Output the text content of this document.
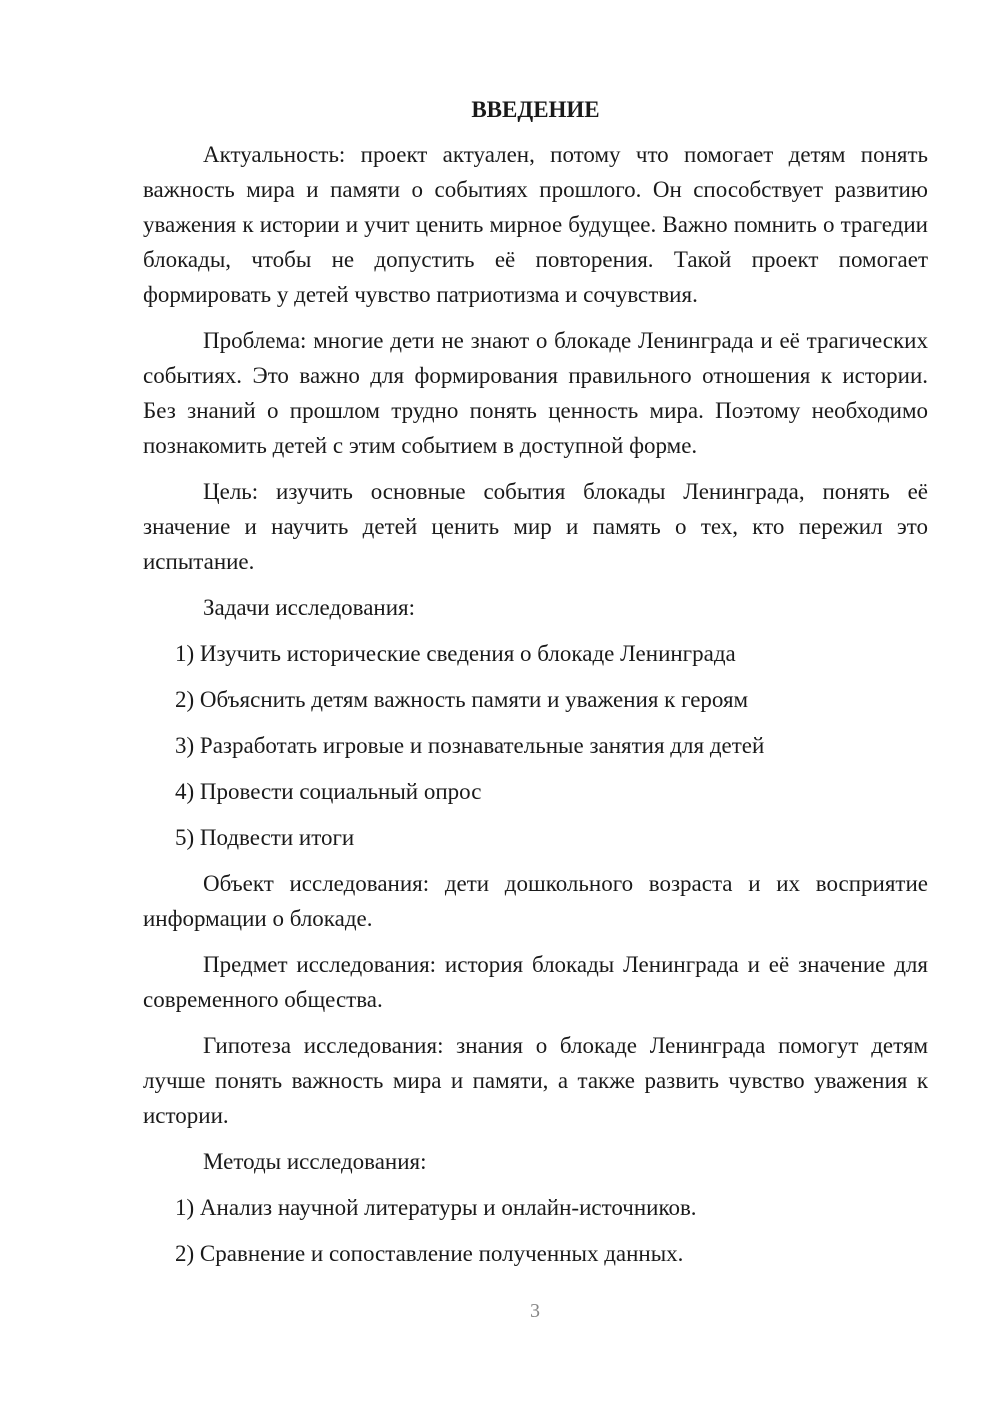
ВВЕДЕНИЕ

Актуальность: проект актуален, потому что помогает детям понять важность мира и памяти о событиях прошлого. Он способствует развитию уважения к истории и учит ценить мирное будущее. Важно помнить о трагедии блокады, чтобы не допустить её повторения. Такой проект помогает формировать у детей чувство патриотизма и сочувствия.

Проблема: многие дети не знают о блокаде Ленинграда и её трагических событиях. Это важно для формирования правильного отношения к истории. Без знаний о прошлом трудно понять ценность мира. Поэтому необходимо познакомить детей с этим событием в доступной форме.

Цель: изучить основные события блокады Ленинграда, понять её значение и научить детей ценить мир и память о тех, кто пережил это испытание.

Задачи исследования:

1) Изучить исторические сведения о блокаде Ленинграда
2) Объяснить детям важность памяти и уважения к героям
3) Разработать игровые и познавательные занятия для детей
4) Провести социальный опрос
5) Подвести итоги

Объект исследования: дети дошкольного возраста и их восприятие информации о блокаде.

Предмет исследования: история блокады Ленинграда и её значение для современного общества.

Гипотеза исследования: знания о блокаде Ленинграда помогут детям лучше понять важность мира и памяти, а также развить чувство уважения к истории.

Методы исследования:

1) Анализ научной литературы и онлайн-источников.
2) Сравнение и сопоставление полученных данных.
3
